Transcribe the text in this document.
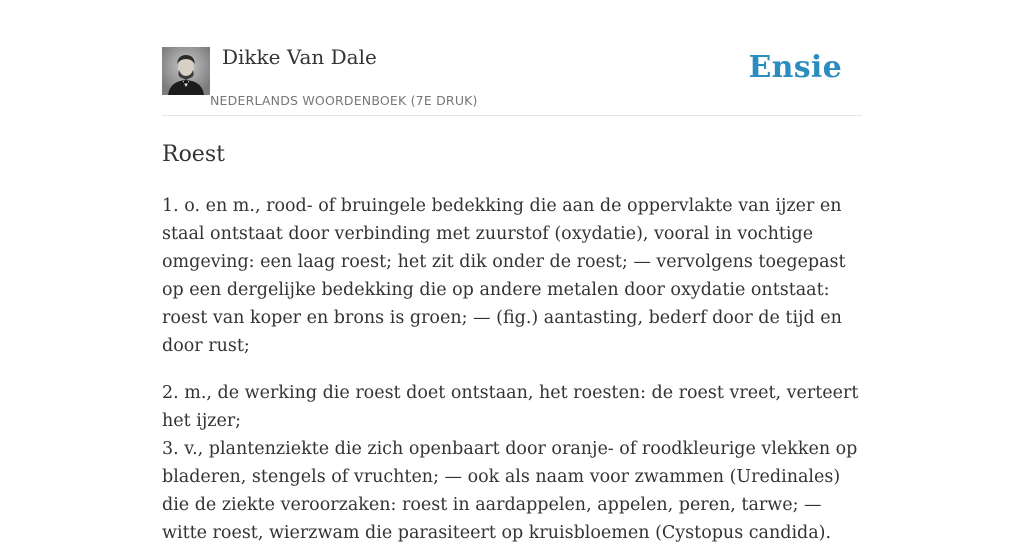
Dikke Van Dale
NEDERLANDS WOORDENBOEK (7E DRUK)
Ensie
Roest

1. o. en m., rood- of bruingele bedekking die aan de oppervlakte van ijzer en staal ontstaat door verbinding met zuurstof (oxydatie), vooral in vochtige omgeving: een laag roest; het zit dik onder de roest; — vervolgens toegepast op een dergelijke bedekking die op andere metalen door oxydatie ontstaat: roest van koper en brons is groen; — (fig.) aantasting, bederf door de tijd en door rust;

2. m., de werking die roest doet ontstaan, het roesten: de roest vreet, verteert het ijzer;

3. v., plantenziekte die zich openbaart door oranje- of roodkleurige vlekken op bladeren, stengels of vruchten; — ook als naam voor zwammen (Uredinales) die de ziekte veroorzaken: roest in aardappelen, appelen, peren, tarwe; — witte roest, wierzwam die parasiteert op kruisbloemen (Cystopus candida).
